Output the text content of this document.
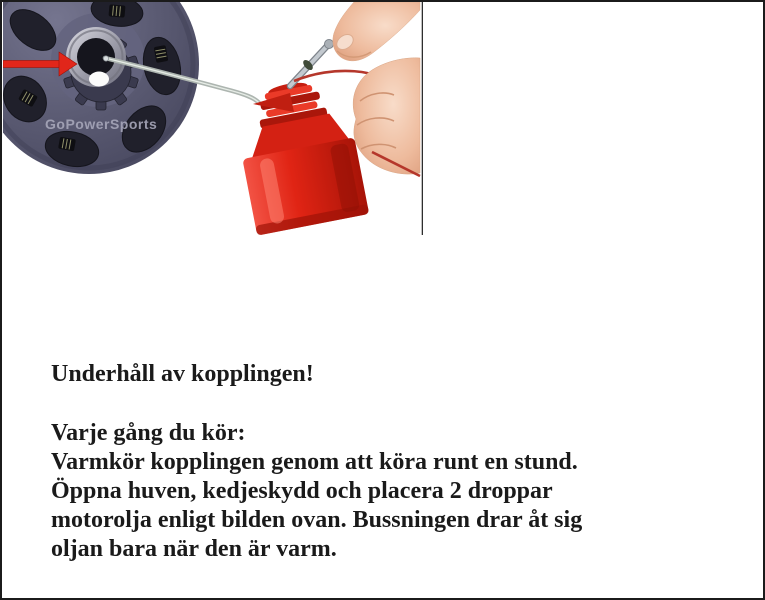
GoPowerSports
Underhåll av kopplingen!
Varje gång du kör:
Varmkör kopplingen genom att köra runt en stund.
Öppna huven, kedjeskydd och placera 2 droppar
motorolja enligt bilden ovan. Bussningen drar åt sig
oljan bara när den är varm.
